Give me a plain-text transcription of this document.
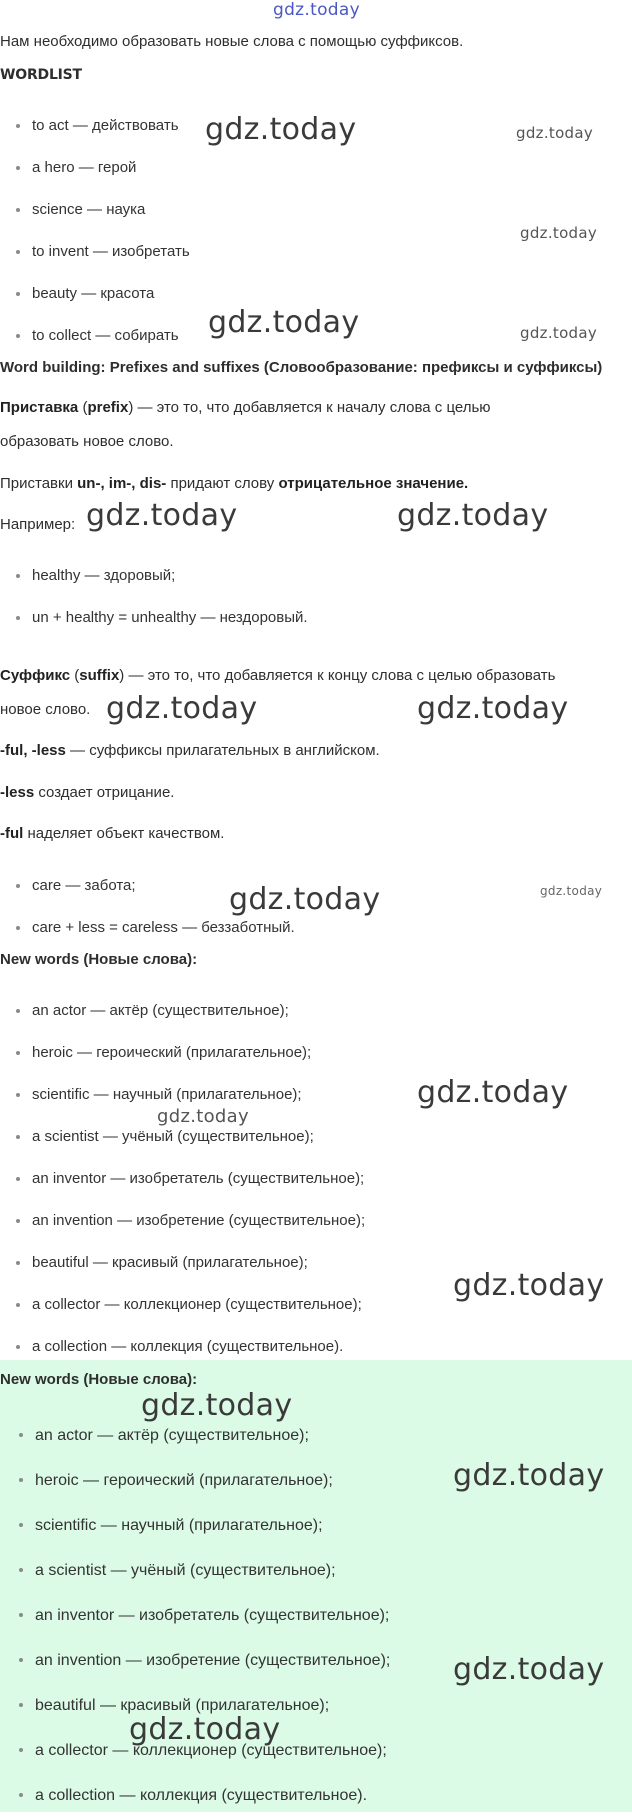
gdz.today
Нам необходимо образовать новые слова с помощью суффиксов.
WORDLIST
to act — действовать
a hero — герой
science — наука
to invent — изобретать
beauty — красота
to collect — собирать
Word building: Prefixes and suffixes (Словообразование: префиксы и суффиксы)
Приставка (prefix) — это то, что добавляется к началу слова с целью
образовать новое слово.
Приставки un-, im-, dis- придают слову отрицательное значение.
Например:
healthy — здоровый;
un + healthy = unhealthy — нездоровый.
Суффикс (suffix) — это то, что добавляется к концу слова с целью образовать
новое слово.
-ful, -less — суффиксы прилагательных в английском.
-less создает отрицание.
-ful наделяет объект качеством.
care — забота;
care + less = careless — беззаботный.
New words (Новые слова):
an actor — актёр (существительное);
heroic — героический (прилагательное);
scientific — научный (прилагательное);
a scientist — учёный (существительное);
an inventor — изобретатель (существительное);
an invention — изобретение (существительное);
beautiful — красивый (прилагательное);
a collector — коллекционер (существительное);
a collection — коллекция (существительное).
New words (Новые слова):
an actor — актёр (существительное);
heroic — героический (прилагательное);
scientific — научный (прилагательное);
a scientist — учёный (существительное);
an inventor — изобретатель (существительное);
an invention — изобретение (существительное);
beautiful — красивый (прилагательное);
a collector — коллекционер (существительное);
a collection — коллекция (существительное).
gdz.today	gdz.today
gdz.today
gdz.today	gdz.today
gdz.today	gdz.today
gdz.today	gdz.today
gdz.today	gdz.today
gdz.today
gdz.today
gdz.today
gdz.today
gdz.today
gdz.today
gdz.today
